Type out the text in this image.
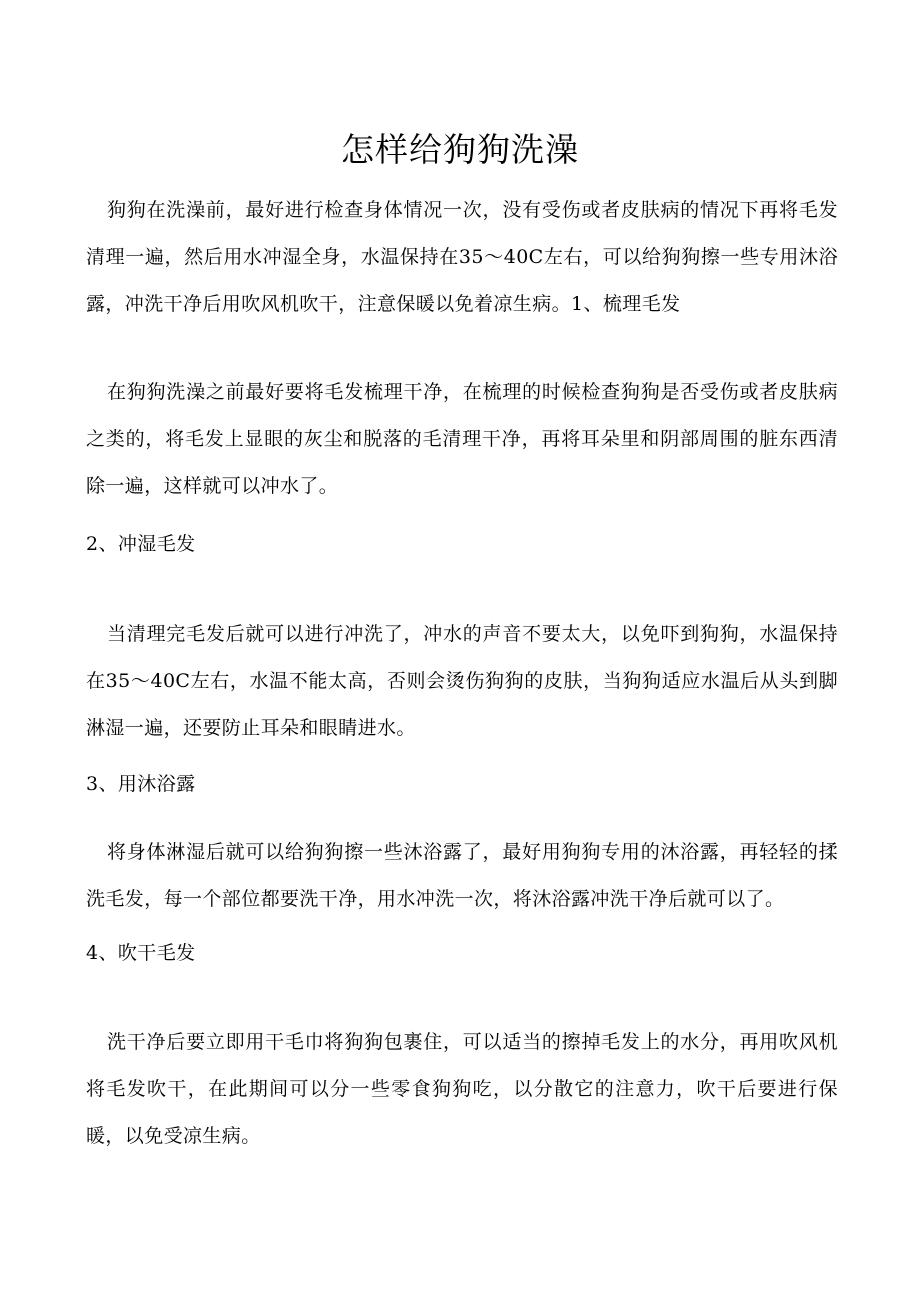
怎样给狗狗洗澡
狗狗在洗澡前，最好进行检查身体情况一次，没有受伤或者皮肤病的情况下再将毛发清理一遍，然后用水冲湿全身，水温保持在35～40C左右，可以给狗狗擦一些专用沐浴露，冲洗干净后用吹风机吹干，注意保暖以免着凉生病。1、梳理毛发
在狗狗洗澡之前最好要将毛发梳理干净，在梳理的时候检查狗狗是否受伤或者皮肤病之类的，将毛发上显眼的灰尘和脱落的毛清理干净，再将耳朵里和阴部周围的脏东西清除一遍，这样就可以冲水了。
2、冲湿毛发
当清理完毛发后就可以进行冲洗了，冲水的声音不要太大，以免吓到狗狗，水温保持在35～40C左右，水温不能太高，否则会烫伤狗狗的皮肤，当狗狗适应水温后从头到脚淋湿一遍，还要防止耳朵和眼睛进水。
3、用沐浴露
将身体淋湿后就可以给狗狗擦一些沐浴露了，最好用狗狗专用的沐浴露，再轻轻的揉洗毛发，每一个部位都要洗干净，用水冲洗一次，将沐浴露冲洗干净后就可以了。
4、吹干毛发
洗干净后要立即用干毛巾将狗狗包裹住，可以适当的擦掉毛发上的水分，再用吹风机将毛发吹干，在此期间可以分一些零食狗狗吃，以分散它的注意力，吹干后要进行保暖，以免受凉生病。
